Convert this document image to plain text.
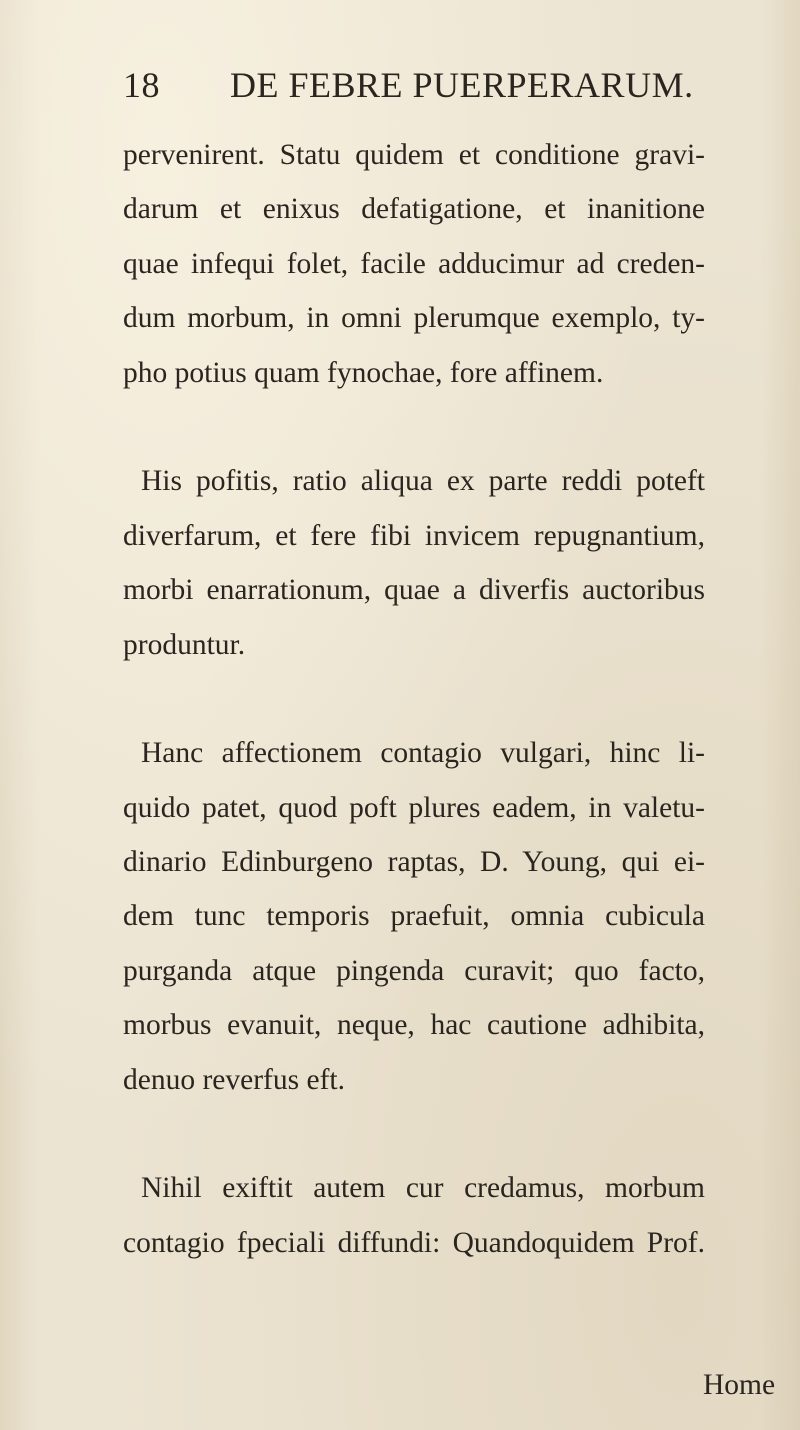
18 DE FEBRE PUERPERARUM.
pervenirent. Statu quidem et conditione gravi-
darum et enixus defatigatione, et inanitione
quae infequi folet, facile adducimur ad creden-
dum morbum, in omni plerumque exemplo, ty-
pho potius quam fynochae, fore affinem.
His pofitis, ratio aliqua ex parte reddi poteft
diverfarum, et fere fibi invicem repugnantium,
morbi enarrationum, quae a diverfis auctoribus
produntur.
Hanc affectionem contagio vulgari, hinc li-
quido patet, quod poft plures eadem, in valetu-
dinario Edinburgeno raptas, D. Young, qui ei-
dem tunc temporis praefuit, omnia cubicula
purganda atque pingenda curavit; quo facto,
morbus evanuit, neque, hac cautione adhibita,
denuo reverfus eft.
Nihil exiftit autem cur credamus, morbum
contagio fpeciali diffundi: Quandoquidem Prof.
Home
